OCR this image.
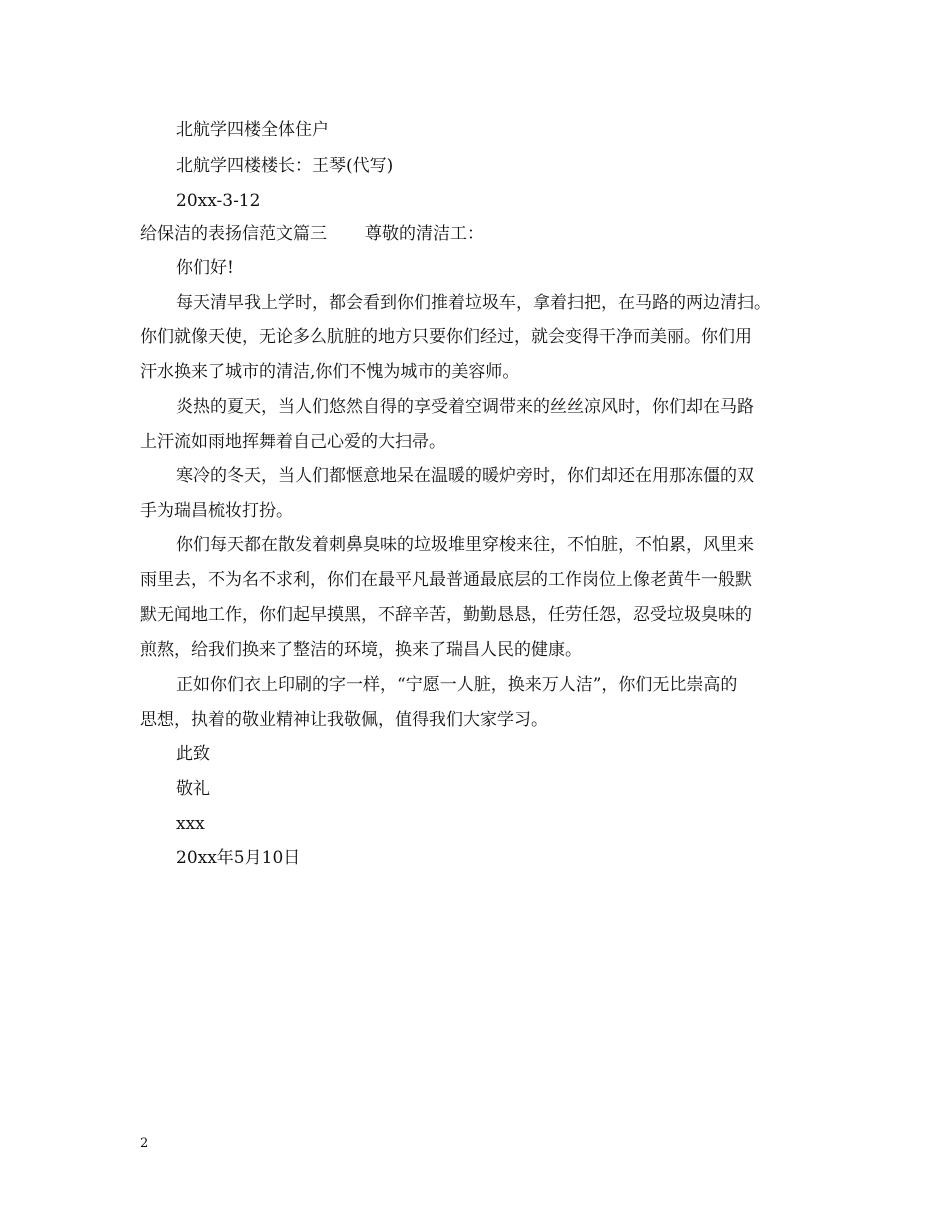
北航学四楼全体住户
北航学四楼楼长：王琴(代写)
20xx-3-12
给保洁的表扬信范文篇三 尊敬的清洁工：
你们好!
每天清早我上学时，都会看到你们推着垃圾车，拿着扫把，在马路的两边清扫。
你们就像天使，无论多么肮脏的地方只要你们经过，就会变得干净而美丽。你们用
汗水换来了城市的清洁,你们不愧为城市的美容师。
炎热的夏天，当人们悠然自得的享受着空调带来的丝丝凉风时，你们却在马路
上汗流如雨地挥舞着自己心爱的大扫帚。
寒冷的冬天，当人们都惬意地呆在温暖的暖炉旁时，你们却还在用那冻僵的双
手为瑞昌梳妆打扮。
你们每天都在散发着刺鼻臭味的垃圾堆里穿梭来往，不怕脏，不怕累，风里来
雨里去，不为名不求利，你们在最平凡最普通最底层的工作岗位上像老黄牛一般默
默无闻地工作，你们起早摸黑，不辞辛苦，勤勤恳恳，任劳任怨，忍受垃圾臭味的
煎熬，给我们换来了整洁的环境，换来了瑞昌人民的健康。
正如你们衣上印刷的字一样，“宁愿一人脏，换来万人洁”，你们无比崇高的
思想，执着的敬业精神让我敬佩，值得我们大家学习。
此致
敬礼
xxx
20xx年5月10日
2
